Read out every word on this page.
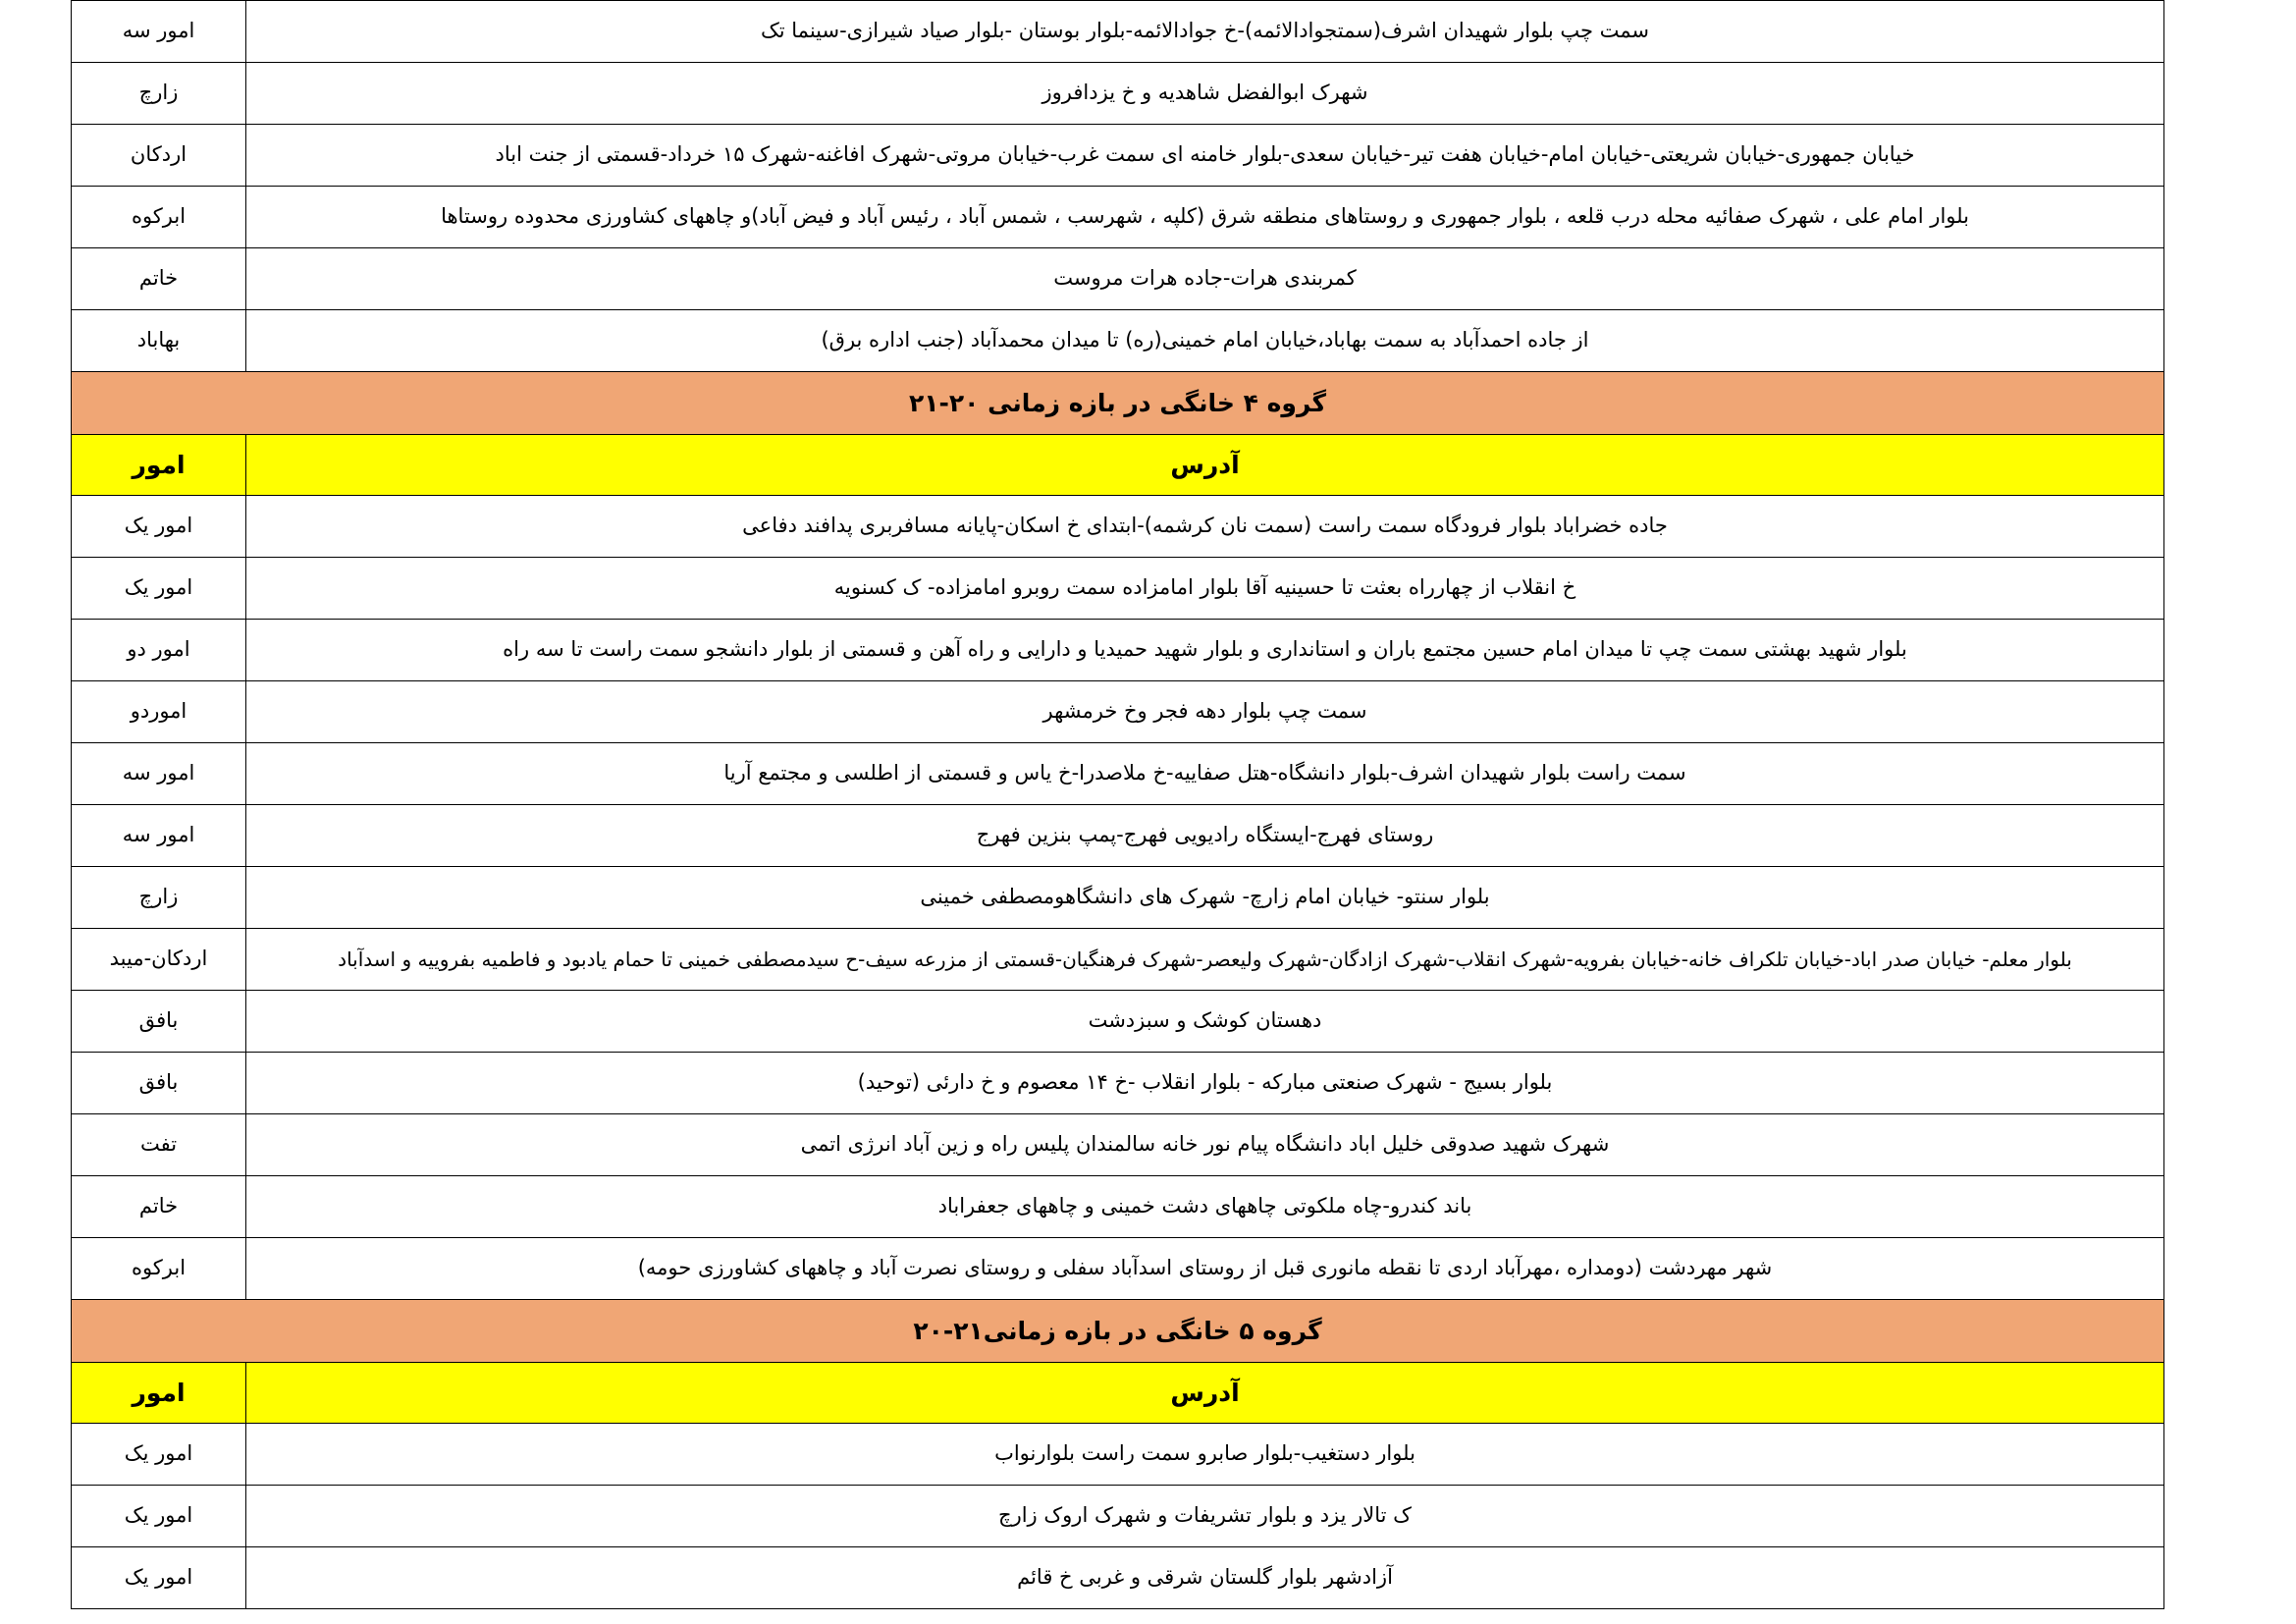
سمت چپ بلوار شهیدان اشرف(سمتجوادالائمه)-خ جوادالائمه-بلوار بوستان -بلوار صیاد شیرازی-سینما تک	امور سه
شهرک ابوالفضل شاهدیه و خ یزدافروز	زارچ
خیابان جمهوری-خیابان شریعتی-خیابان امام-خیابان هفت تیر-خیابان سعدی-بلوار خامنه ای سمت غرب-خیابان مروتی-شهرک افاغنه-شهرک ۱۵ خرداد-قسمتی از جنت اباد	اردکان
بلوار امام علی ، شهرک صفائیه محله درب قلعه ، بلوار جمهوری و روستاهای منطقه شرق (کلپه ، شهرسب ، شمس آباد ، رئیس آباد و فیض آباد)و چاههای کشاورزی محدوده روستاها	ابرکوه
کمربندی هرات-جاده هرات مروست	خاتم
از جاده احمدآباد به سمت بهاباد،خیابان امام خمینی(ره) تا میدان محمدآباد (جنب اداره برق)	بهاباد
گروه ۴ خانگی در بازه زمانی ۲۰-۲۱	
آدرس	امور
جاده خضراباد بلوار فرودگاه سمت راست (سمت نان کرشمه)-ابتدای خ اسکان-پایانه مسافربری پدافند دفاعی	امور یک
خ انقلاب از چهارراه بعثت تا حسینیه آقا بلوار امامزاده سمت روبرو امامزاده- ک کسنویه	امور یک
بلوار شهید بهشتی سمت چپ تا میدان امام حسین مجتمع باران و استانداری و بلوار شهید حمیدیا و دارایی و راه آهن و قسمتی از بلوار دانشجو سمت راست تا سه راه	امور دو
سمت چپ بلوار دهه فجر وخ خرمشهر	اموردو
سمت راست بلوار شهیدان اشرف-بلوار دانشگاه-هتل صفاییه-خ ملاصدرا-خ یاس و قسمتی از اطلسی و مجتمع آریا	امور سه
روستای فهرج-ایستگاه رادیویی فهرج-پمپ بنزین فهرج	امور سه
بلوار سنتو- خیابان امام زارچ- شهرک های دانشگاهومصطفی خمینی	زارچ

بلوار معلم- خیابان صدر اباد-خیابان تلکراف خانه-خیابان بفرویه-شهرک انقلاب-شهرک ازادگان-شهرک ولیعصر-شهرک فرهنگیان-قسمتی از مزرعه سیف-ح سیدمصطفی خمینی تا حمام یادبود و فاطمیه بفروییه و اسدآباد	اردکان-میبد
دهستان کوشک و سبزدشت	بافق
بلوار بسیج - شهرک صنعتی مبارکه - بلوار انقلاب -خ ۱۴ معصوم و خ دارئی (توحید)	بافق
شهرک شهید صدوقی خلیل اباد دانشگاه پیام نور خانه سالمندان پلیس راه و زین آباد انرژی اتمی	تفت
باند کندرو-چاه ملکوتی چاههای دشت خمینی و چاههای جعفراباد	خاتم
شهر مهردشت (دومداره ،مهرآباد اردی تا نقطه مانوری قبل از روستای اسدآباد سفلی و روستای نصرت آباد و چاههای کشاورزی حومه)	ابرکوه
گروه ۵ خانگی در بازه زمانی۲۱-۲۰	
آدرس	امور
بلوار دستغیب-بلوار صابرو سمت راست بلوارنواب	امور یک
ک تالار یزد و بلوار تشریفات و شهرک اروک زارچ	امور یک
آزادشهر بلوار گلستان شرقی و غربی خ قائم	امور یک
